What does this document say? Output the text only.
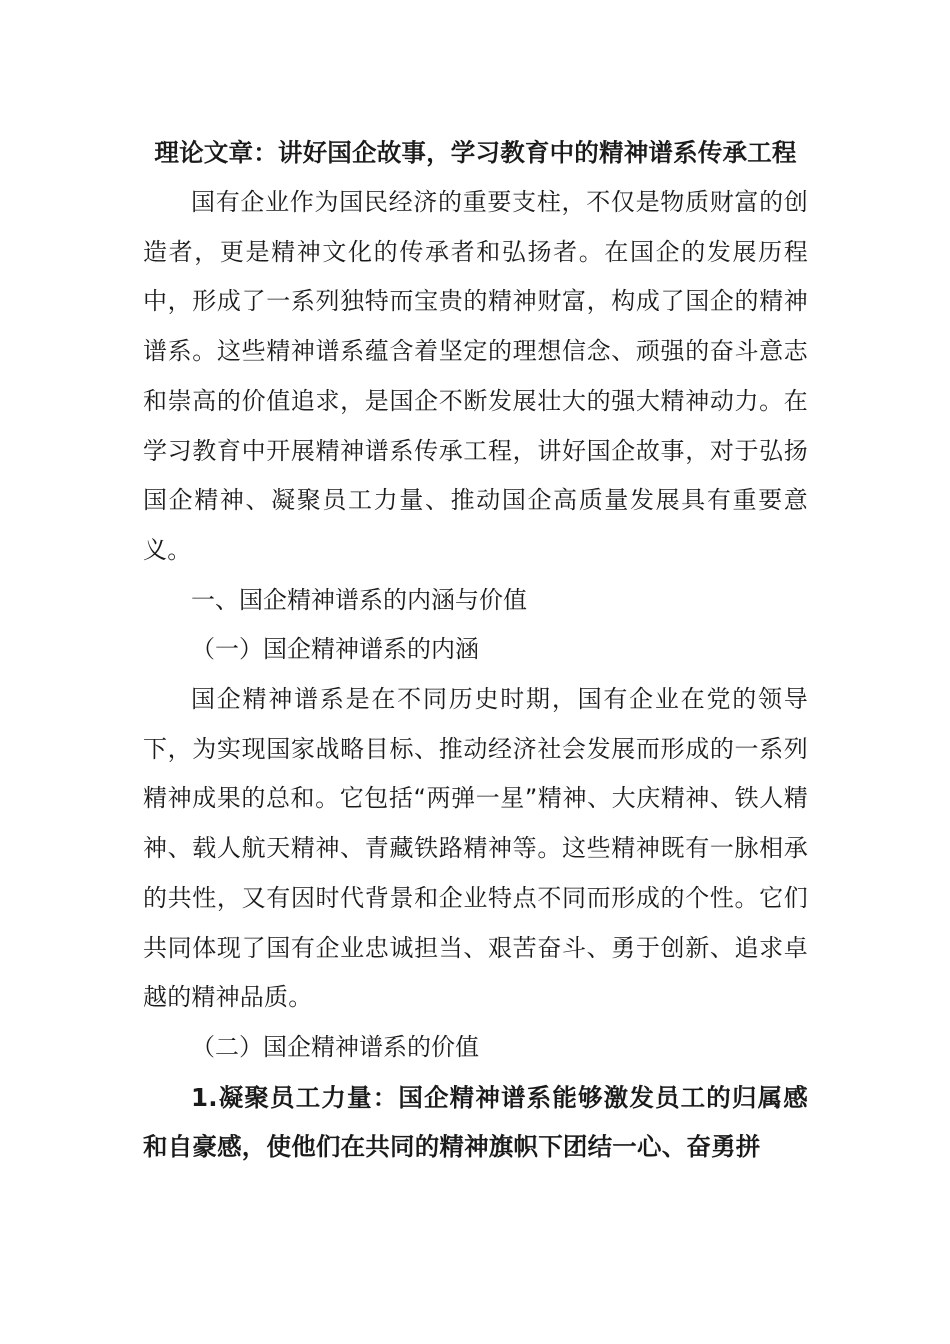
理论文章：讲好国企故事，学习教育中的精神谱系传承工程

国有企业作为国民经济的重要支柱，不仅是物质财富的创造者，更是精神文化的传承者和弘扬者。在国企的发展历程中，形成了一系列独特而宝贵的精神财富，构成了国企的精神谱系。这些精神谱系蕴含着坚定的理想信念、顽强的奋斗意志和崇高的价值追求，是国企不断发展壮大的强大精神动力。在学习教育中开展精神谱系传承工程，讲好国企故事，对于弘扬国企精神、凝聚员工力量、推动国企高质量发展具有重要意义。

一、国企精神谱系的内涵与价值

（一）国企精神谱系的内涵

国企精神谱系是在不同历史时期，国有企业在党的领导下，为实现国家战略目标、推动经济社会发展而形成的一系列精神成果的总和。它包括“两弹一星”精神、大庆精神、铁人精神、载人航天精神、青藏铁路精神等。这些精神既有一脉相承的共性，又有因时代背景和企业特点不同而形成的个性。它们共同体现了国有企业忠诚担当、艰苦奋斗、勇于创新、追求卓越的精神品质。

（二）国企精神谱系的价值

1.凝聚员工力量：国企精神谱系能够激发员工的归属感和自豪感，使他们在共同的精神旗帜下团结一心、奋勇拼
